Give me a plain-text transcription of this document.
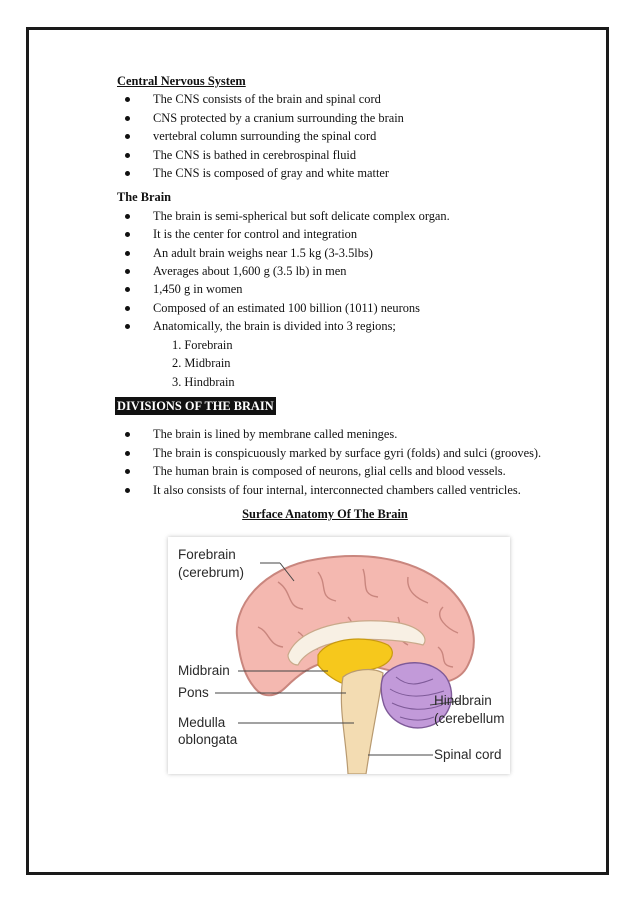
Central Nervous System

The CNS consists of the brain and spinal cord
CNS protected by a cranium surrounding the brain
vertebral column surrounding the spinal cord
The CNS is bathed in cerebrospinal fluid
The CNS is composed of gray and white matter

The Brain

The brain is semi-spherical but soft delicate complex organ.
It is the center for control and integration
An adult brain weighs near 1.5 kg (3-3.5lbs)
Averages about 1,600 g (3.5 lb) in men
1,450 g in women
Composed of an estimated 100 billion (1011) neurons
Anatomically, the brain is divided into 3 regions;
1. Forebrain
2. Midbrain
3. Hindbrain
DIVISIONS OF THE BRAIN
The brain is lined by membrane called meninges.
The brain is conspicuously marked by surface gyri (folds) and sulci (grooves).
The human brain is composed of neurons, glial cells and blood vessels.
It also consists of four internal, interconnected chambers called ventricles.

Surface Anatomy Of The Brain

Forebrain
(cerebrum)
Midbrain
Pons
Medulla
oblongata
Hindbrain
(cerebellum
Spinal cord
